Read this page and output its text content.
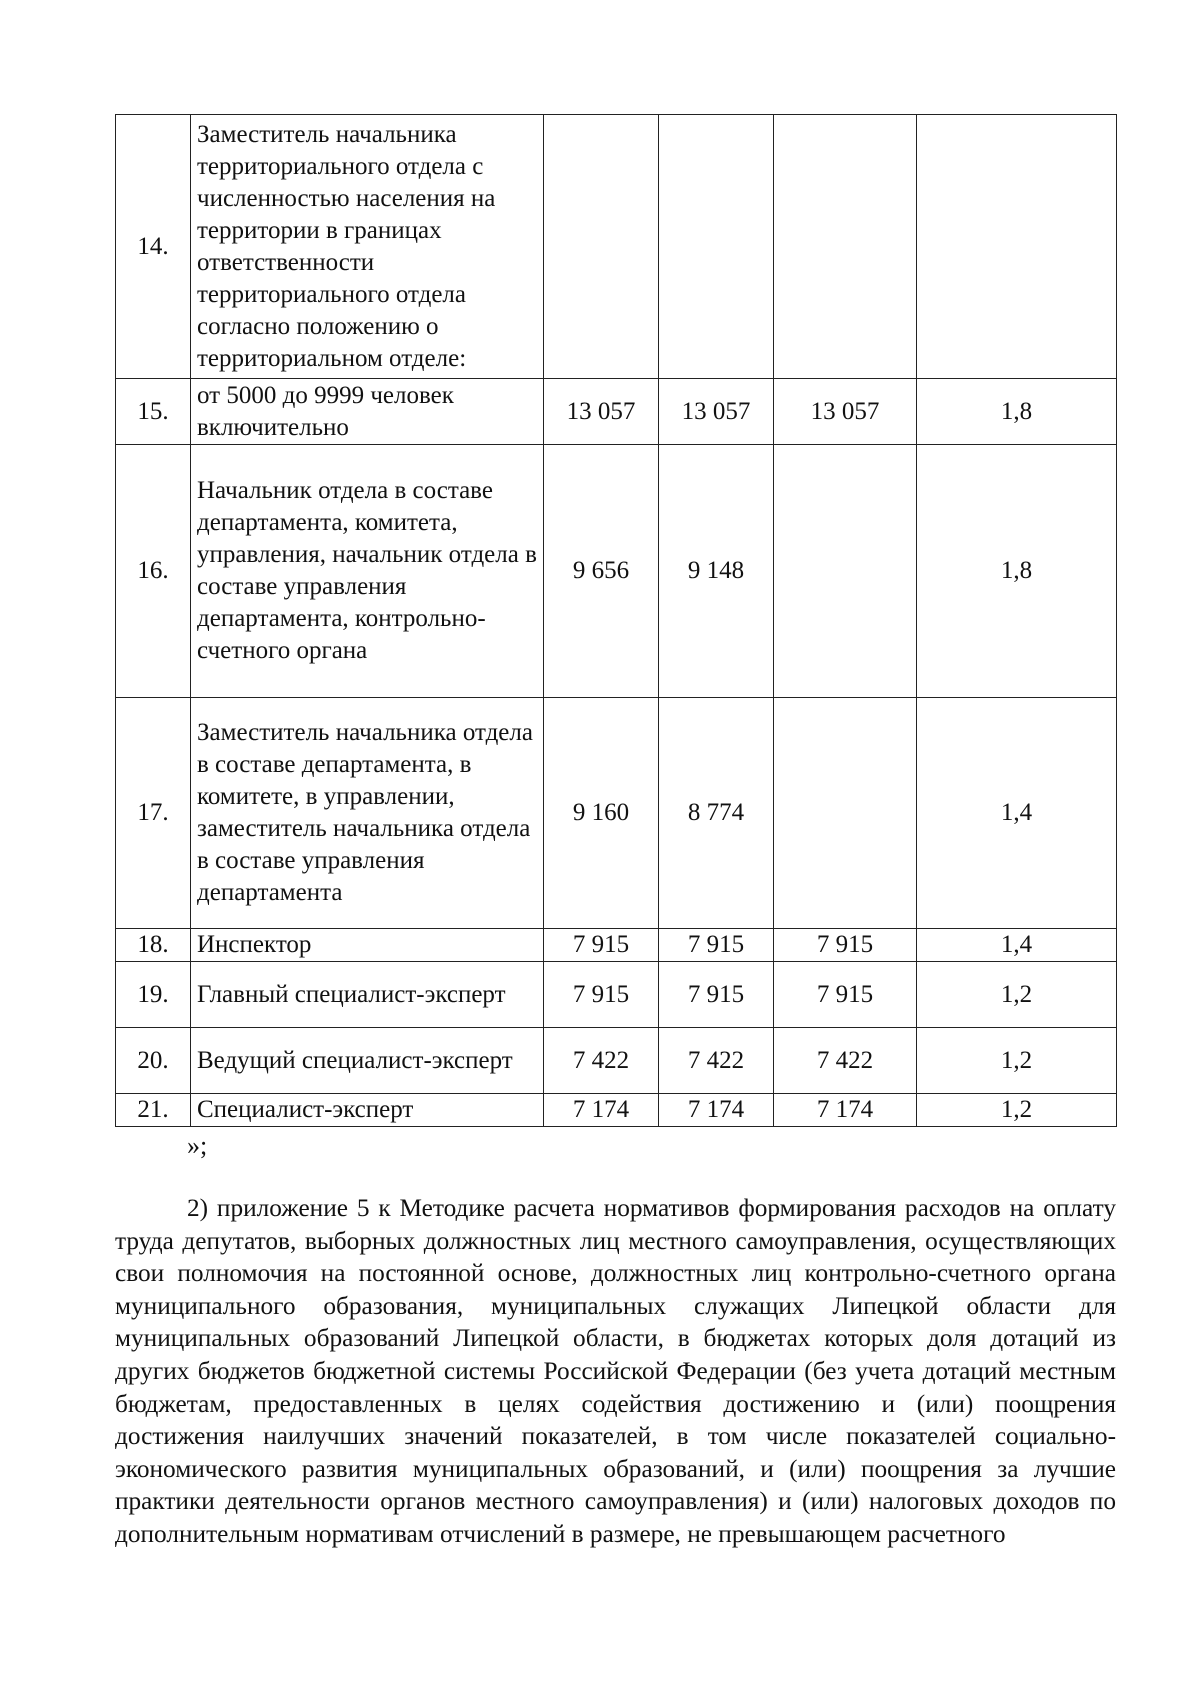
14.	Заместитель начальника территориального отдела с численностью населения на территории в границах ответственности территориального отдела согласно положению о территориальном отделе:				
15.	от 5000 до 9999 человек включительно	13 057	13 057	13 057	1,8
16.	Начальник отдела в составе департамента, комитета, управления, начальник отдела в составе управления департамента, контрольно-счетного органа	9 656	9 148		1,8
17.	Заместитель начальника отдела в составе департамента, в комитете, в управлении, заместитель начальника отдела в составе управления департамента	9 160	8 774		1,4
18.	Инспектор	7 915	7 915	7 915	1,4
19.	Главный специалист-эксперт	7 915	7 915	7 915	1,2
20.	Ведущий специалист-эксперт	7 422	7 422	7 422	1,2
21.	Специалист-эксперт	7 174	7 174	7 174	1,2
»;

2) приложение 5 к Методике расчета нормативов формирования расходов на оплату труда депутатов, выборных должностных лиц местного самоуправления, осуществляющих свои полномочия на постоянной основе, должностных лиц контрольно-счетного органа муниципального образования, муниципальных служащих Липецкой области для муниципальных образований Липецкой области, в бюджетах которых доля дотаций из других бюджетов бюджетной системы Российской Федерации (без учета дотаций местным бюджетам, предоставленных в целях содействия достижению и (или) поощрения достижения наилучших значений показателей, в том числе показателей социально-экономического развития муниципальных образований, и (или) поощрения за лучшие практики деятельности органов местного самоуправления) и (или) налоговых доходов по дополнительным нормативам отчислений в размере, не превышающем расчетного
